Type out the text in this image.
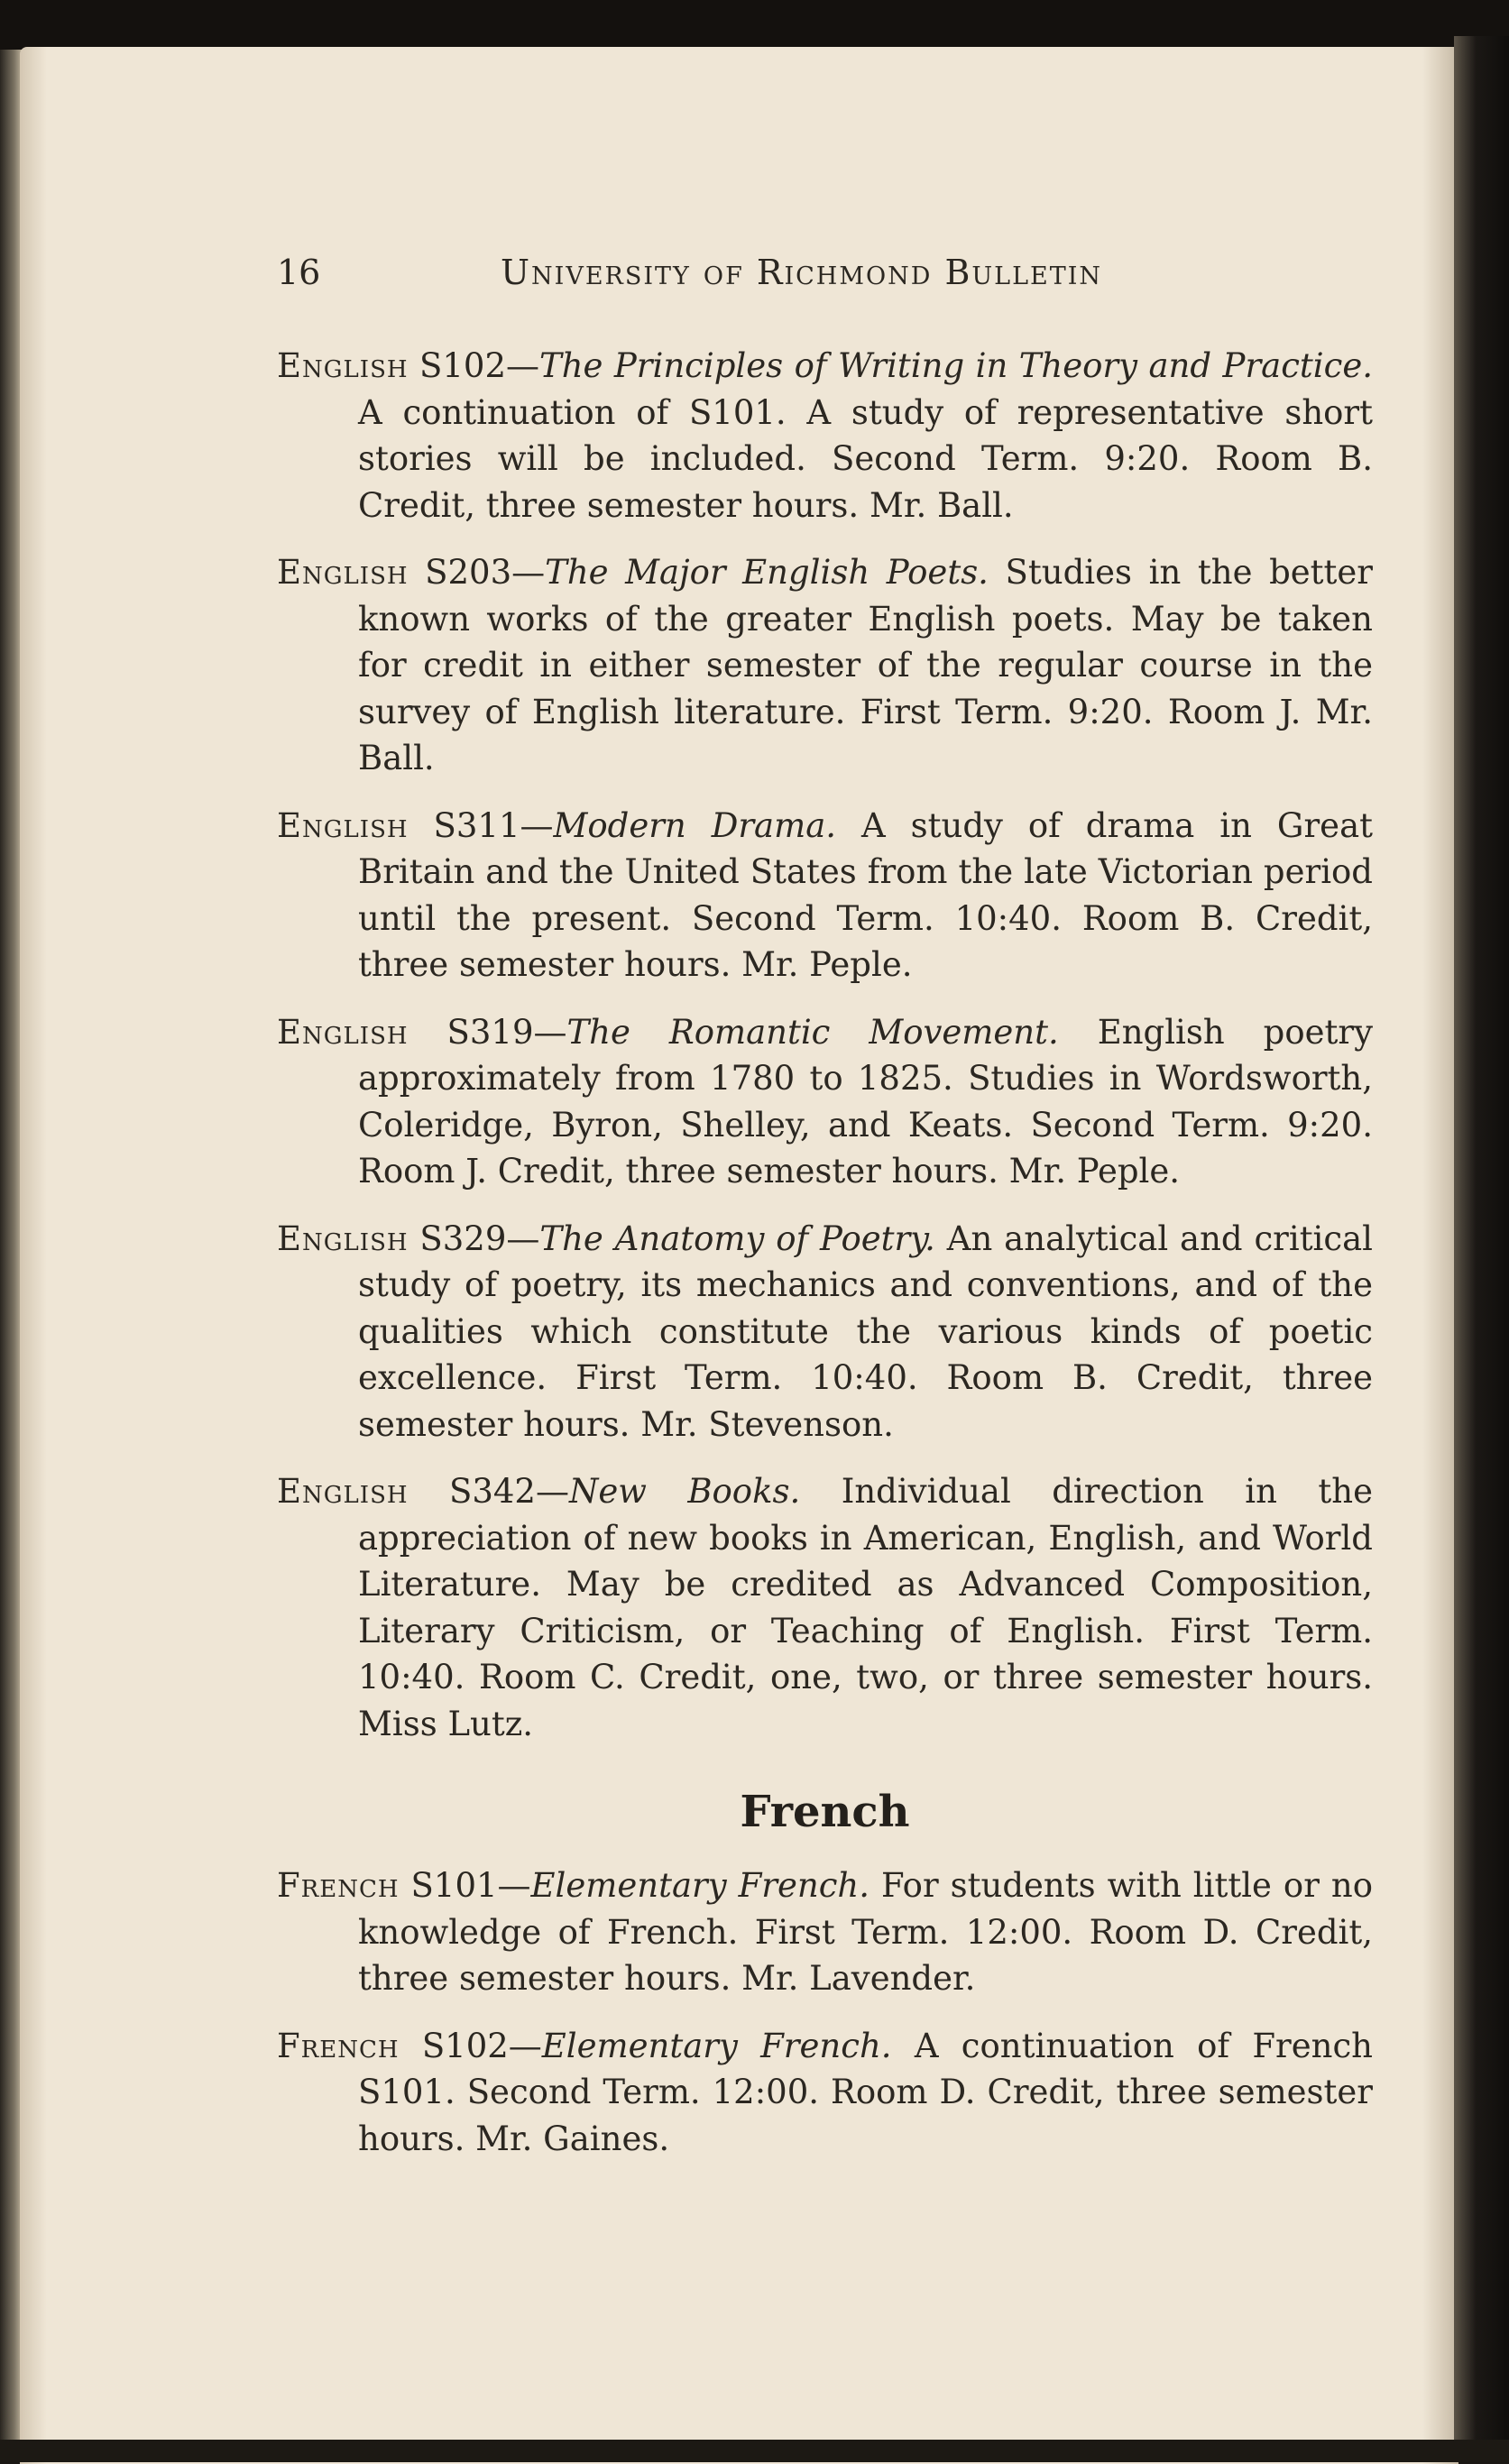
16	University of Richmond Bulletin

English S102—The Principles of Writing in Theory and Practice. A continuation of S101. A study of representative short stories will be included. Second Term. 9:20. Room B. Credit, three semester hours. Mr. Ball.

English S203—The Major English Poets. Studies in the better known works of the greater English poets. May be taken for credit in either semester of the regular course in the survey of English literature. First Term. 9:20. Room J. Mr. Ball.

English S311—Modern Drama. A study of drama in Great Britain and the United States from the late Victorian period until the present. Second Term. 10:40. Room B. Credit, three semester hours. Mr. Peple.

English S319—The Romantic Movement. English poetry approximately from 1780 to 1825. Studies in Wordsworth, Coleridge, Byron, Shelley, and Keats. Second Term. 9:20. Room J. Credit, three semester hours. Mr. Peple.

English S329—The Anatomy of Poetry. An analytical and critical study of poetry, its mechanics and conventions, and of the qualities which constitute the various kinds of poetic excellence. First Term. 10:40. Room B. Credit, three semester hours. Mr. Stevenson.

English S342—New Books. Individual direction in the appreciation of new books in American, English, and World Literature. May be credited as Advanced Composition, Literary Criticism, or Teaching of English. First Term. 10:40. Room C. Credit, one, two, or three semester hours. Miss Lutz.

French

French S101—Elementary French. For students with little or no knowledge of French. First Term. 12:00. Room D. Credit, three semester hours. Mr. Lavender.

French S102—Elementary French. A continuation of French S101. Second Term. 12:00. Room D. Credit, three semester hours. Mr. Gaines.
